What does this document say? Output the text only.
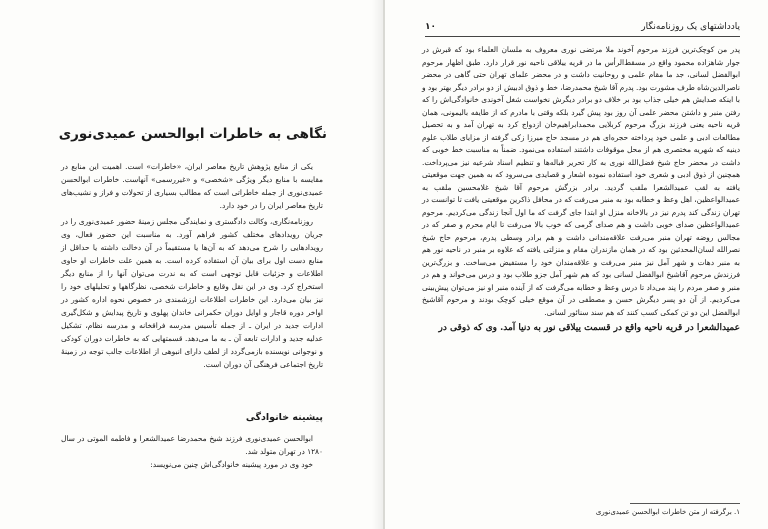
نگاهی به خاطرات ابوالحسن عمیدی‌نوری

یکی از منابع پژوهش تاریخ معاصر ایران، «خاطرات» است. اهمیت این منابع در مقایسه با منابع دیگر ویژگی «شخصی» و «غیررسمی» آنهاست. خاطرات ابوالحسن عمیدی‌نوری از جمله خاطراتی است که مطالب بسیاری از تحولات و فراز و نشیب‌های تاریخ معاصر ایران را در خود دارد.

روزنامه‌نگاری، وکالت دادگستری و نمایندگی مجلس زمینهٔ حضور عمیدی‌نوری را در جریان رویدادهای مختلف کشور فراهم آورد. به مناسبت این حضور فعال، وی رویدادهایی را شرح می‌دهد که به آن‌ها یا مستقیماً در آن دخالت داشته یا حداقل از منابع دست اول برای بیان آن استفاده کرده است. به همین علت خاطرات او حاوی اطلاعات و جزئیات قابل توجهی است که به ندرت می‌توان آنها را از منابع دیگر استخراج کرد. وی در این نقل وقایع و خاطرات شخصی، نظرگاهها و تحلیلهای خود را نیز بیان می‌دارد. این خاطرات اطلاعات ارزشمندی در خصوص نحوه اداره کشور در اواخر دوره قاجار و اوایل دوران حکمرانی خاندان پهلوی و تاریخ پیدایش و شکل‌گیری ادارات جدید در ایران ـ از جمله تأسیس مدرسه فراقخانه و مدرسه نظام، تشکیل عدلیه جدید و ادارات تابعه آن ـ به ما می‌دهد. قسمتهایی که به خاطرات دوران کودکی و نوجوانی نویسنده بازمی‌گردد از لطف دارای انبوهی از اطلاعات جالب توجه در زمینهٔ تاریخ اجتماعی فرهنگی آن دوران است.

پیشینه خانوادگی

ابوالحسن عمیدی‌نوری فرزند شیخ محمدرضا عمیدالشعرا و فاطمه الموتی در سال ۱۲۸۰ در تهران متولد شد.

خود وی در مورد پیشینه خانوادگی‌اش چنین می‌نویسد:

۱۰	یادداشتهای یک روزنامه‌نگار

پدر من کوچک‌ترین فرزند مرحوم آخوند ملا مرتضی نوری معروف به ملسان العلماء بود که قبرش در جوار شاهزاده محمود واقع در مسقط‌الرأس ما در قریه ییلاقی ناحیه نور قرار دارد. طبق اظهار مرحوم ابوالفضل لسانی، جد ما مقام علمی و روحانیت داشت و در محضر علمای تهران حتی گاهی در محضر ناصرالدین‌شاه طرف مشورت بود. پدرم آقا شیخ محمدرضا، خط و ذوق ادبیش از دو برادر دیگر بهتر بود و با اینکه صدایش هم خیلی جذاب بود بر خلاف دو برادر دیگرش نخواست شغل آخوندی خانوادگی‌اش را که رفتن منبر و داشتن محضر علمی آن روز بود پیش گیرد بلکه وقتی با مادرم که از طایفه بالیمونی، همان قریه ناحیه یعنی فرزند بزرگ مرحوم کربلایی محمدابراهیم‌خان ازدواج کرد به تهران آمد و به تحصیل مطالعات ادبی و علمی خود پرداخته حجره‌ای هم در مسجد حاج میرزا زکی گرفته از مزایای طلاب علوم دینیه که شهریه مختصری هم از محل موقوفات داشتند استفاده می‌نمود. ضمناً به مناسبت خط خوبی که داشت در محضر حاج شیخ فضل‌الله نوری به کار تحریر قباله‌ها و تنظیم اسناد شرعیه نیز می‌پرداخت. همچنین از ذوق ادبی و شعری خود استفاده نموده اشعار و قصایدی می‌سرود که به همین جهت موقعیتی یافته به لقب عمیدالشعرا ملقب گردید. برادر بزرگش مرحوم آقا شیخ غلامحسین ملقب به عمیدالواعظین، اهل وعظ و خطابه بود به منبر می‌رفت که در محافل ذاکرین موقعیتی یافت تا توانست در تهران زندگی کند پدرم نیز در بالاخانه منزل او ابتدا جای گرفت که ما اول آنجا زندگی می‌کردیم. مرحوم عمیدالواعظین صدای خوبی داشت و هم صدای گرمی که خوب بالا می‌رفت تا ایام محرم و صفر که در مجالس روضه تهران منبر می‌رفت علاقه‌مندانی داشت و هم برادر وسطی پدرم، مرحوم حاج شیخ نصرالله لسان‌المحدثین بود که در همان مازندران مقام و منزلتی یافته که علاوه بر منبر در ناحیه نور هم به منبر دهات و شهر آمل نیز منبر می‌رفت و علاقه‌مندان خود را مستفیض می‌ساخت. و بزرگ‌ترین فرزندش مرحوم آقاشیخ ابوالفضل لسانی بود که هم شهر آمل جزو طلاب بود و درس می‌خواند و هم در منبر و صفر مردم را پند می‌داد تا درس وعظ و خطابه می‌گرفت که از آینده منبر او نیز می‌توان پیش‌بینی می‌کردیم. از آن دو پسر دیگرش حسن و مصطفی در آن موقع خیلی کوچک بودند و مرحوم آقاشیخ ابوالفضل این دو تن کمکی کسب کنند که هم سند سنائور لسانی.

عمیدالشعرا در قریه ناحیه واقع در قسمت ییلاقی نور به دنیا آمد. وی که ذوقی در
۱. برگرفته از متن خاطرات ابوالحسن عمیدی‌نوری
